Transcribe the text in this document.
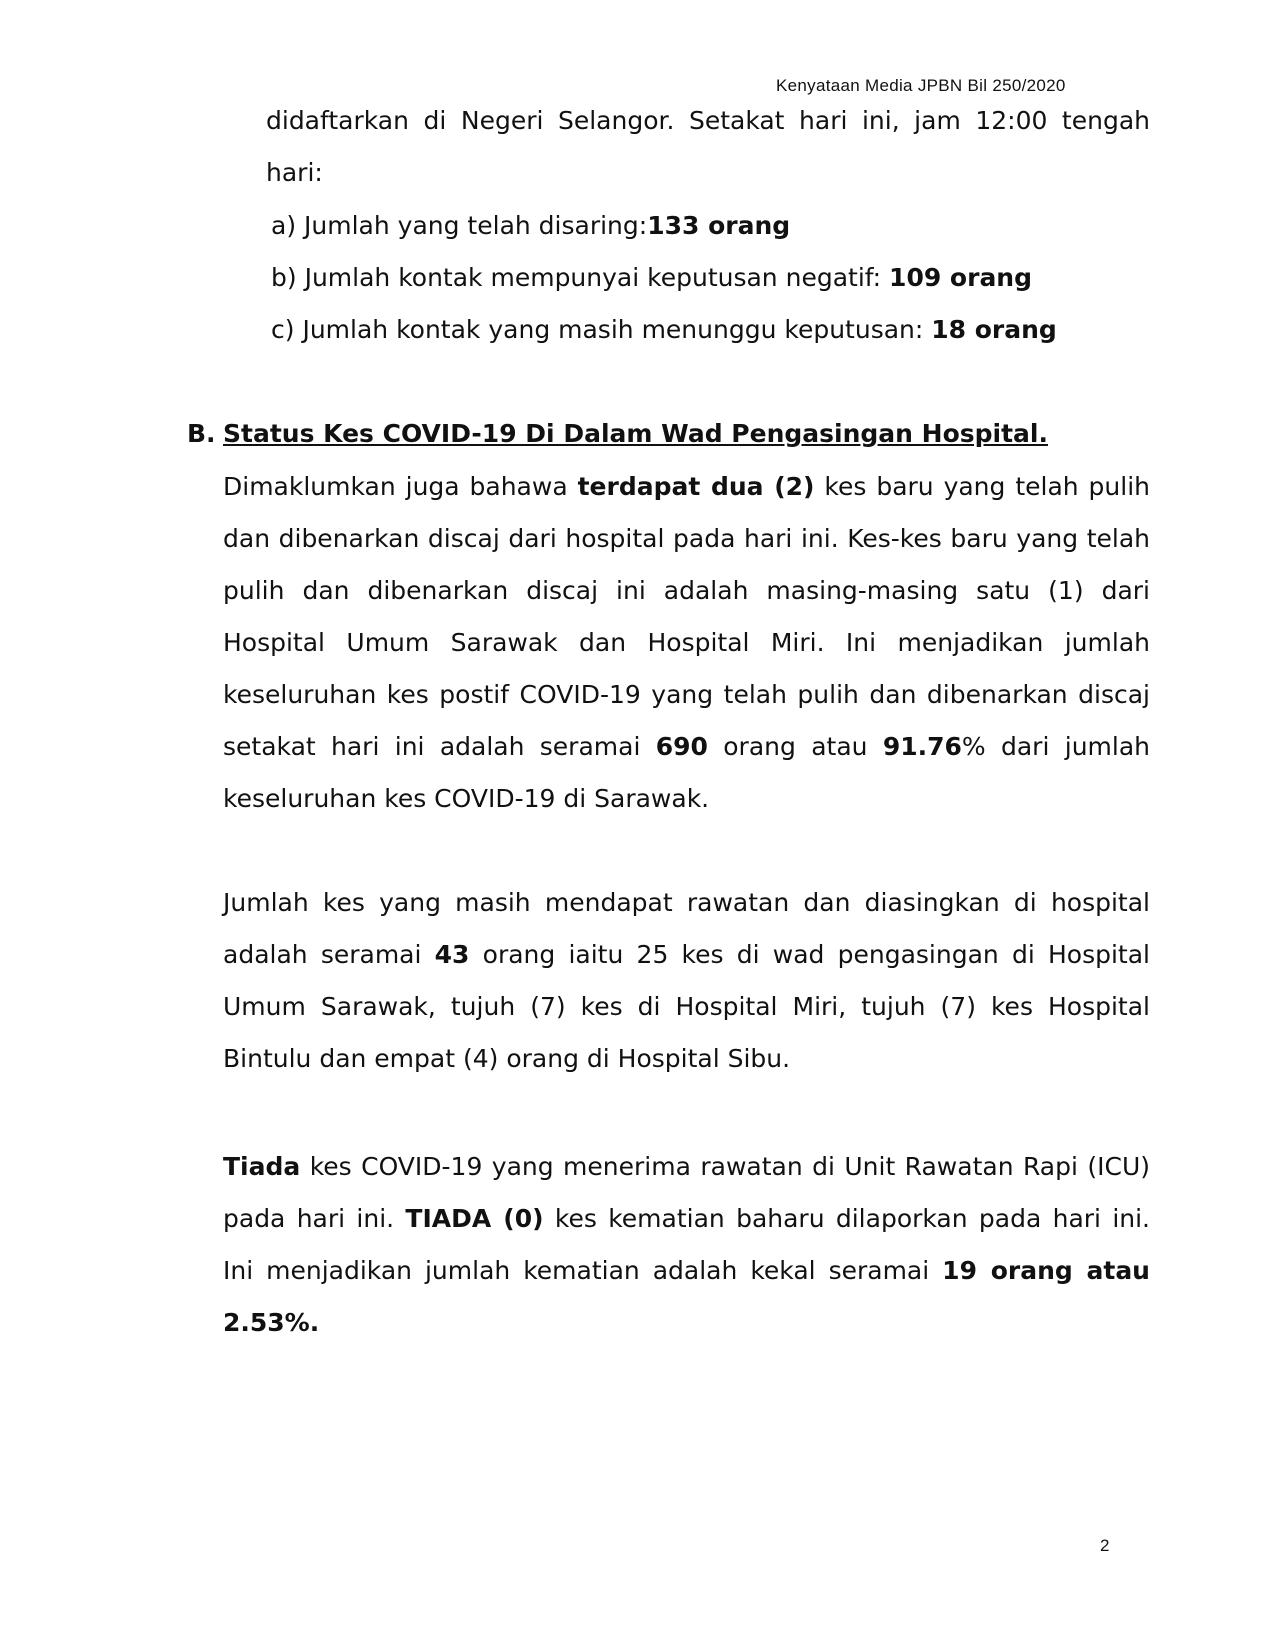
Kenyataan Media JPBN Bil 250/2020
didaftarkan di Negeri Selangor. Setakat hari ini, jam 12:00 tengah hari:
a) Jumlah yang telah disaring:133 orang
b) Jumlah kontak mempunyai keputusan negatif: 109 orang
c) Jumlah kontak yang masih menunggu keputusan: 18 orang
B. Status Kes COVID-19 Di Dalam Wad Pengasingan Hospital.
Dimaklumkan juga bahawa terdapat dua (2) kes baru yang telah pulih dan dibenarkan discaj dari hospital pada hari ini. Kes-kes baru yang telah pulih dan dibenarkan discaj ini adalah masing-masing satu (1) dari Hospital Umum Sarawak dan Hospital Miri. Ini menjadikan jumlah keseluruhan kes postif COVID-19 yang telah pulih dan dibenarkan discaj setakat hari ini adalah seramai 690 orang atau 91.76% dari jumlah keseluruhan kes COVID-19 di Sarawak.
Jumlah kes yang masih mendapat rawatan dan diasingkan di hospital adalah seramai 43 orang iaitu 25 kes di wad pengasingan di Hospital Umum Sarawak, tujuh (7) kes di Hospital Miri, tujuh (7) kes Hospital Bintulu dan empat (4) orang di Hospital Sibu.
Tiada kes COVID-19 yang menerima rawatan di Unit Rawatan Rapi (ICU) pada hari ini. TIADA (0) kes kematian baharu dilaporkan pada hari ini. Ini menjadikan jumlah kematian adalah kekal seramai 19 orang atau 2.53%.
2
